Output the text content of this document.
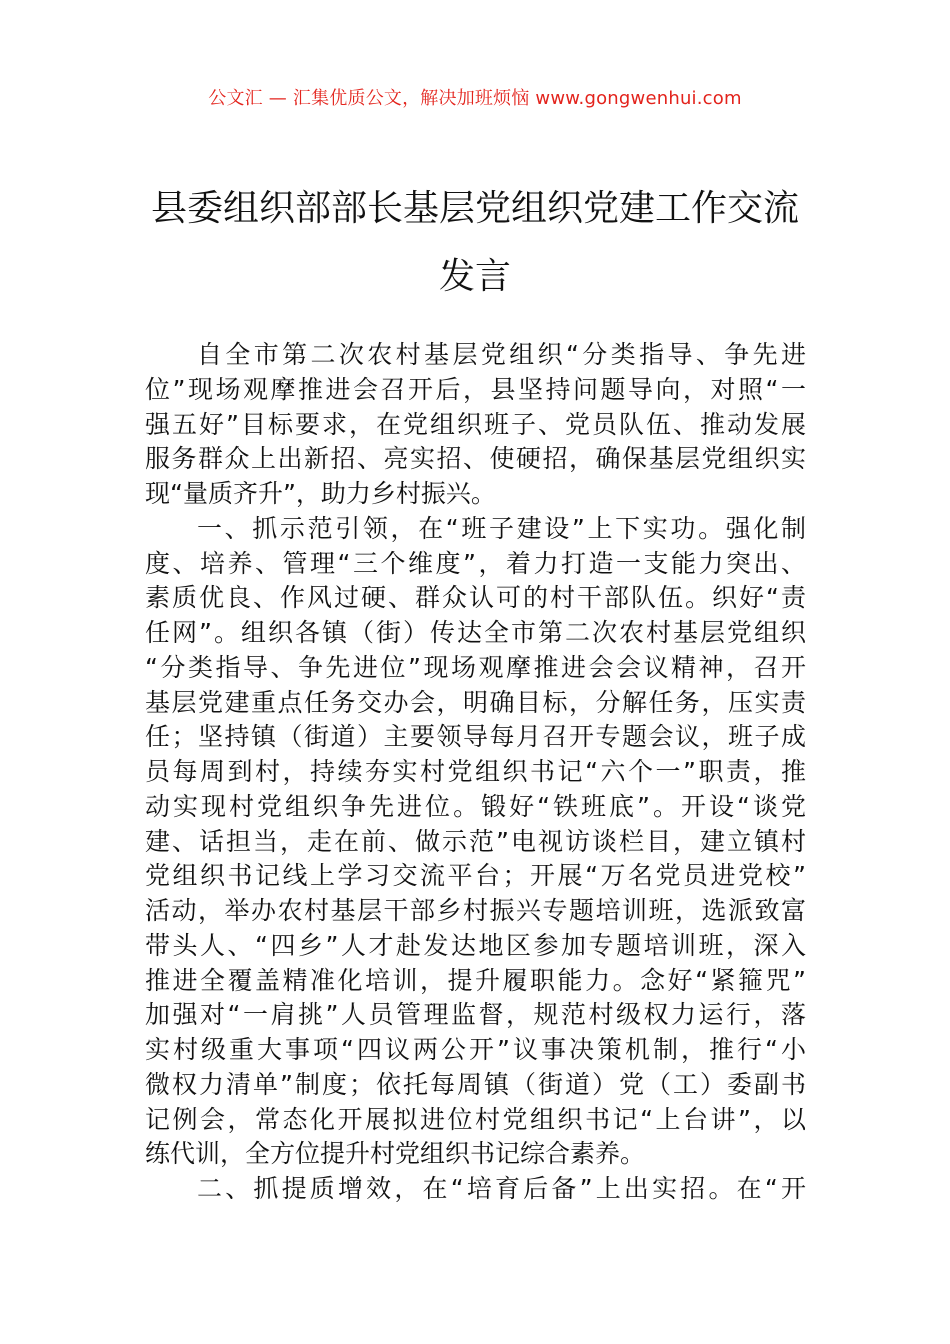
公文汇 — 汇集优质公文，解决加班烦恼 www.gongwenhui.com
县委组织部部长基层党组织党建工作交流
发言
自全市第二次农村基层党组织“分类指导、争先进
位”现场观摩推进会召开后，县坚持问题导向，对照“一
强五好”目标要求，在党组织班子、党员队伍、推动发展
服务群众上出新招、亮实招、使硬招，确保基层党组织实
现“量质齐升”，助力乡村振兴。
一、抓示范引领，在“班子建设”上下实功。强化制
度、培养、管理“三个维度”，着力打造一支能力突出、
素质优良、作风过硬、群众认可的村干部队伍。织好“责
任网”。组织各镇（街）传达全市第二次农村基层党组织
“分类指导、争先进位”现场观摩推进会会议精神，召开
基层党建重点任务交办会，明确目标，分解任务，压实责
任；坚持镇（街道）主要领导每月召开专题会议，班子成
员每周到村，持续夯实村党组织书记“六个一”职责，推
动实现村党组织争先进位。锻好“铁班底”。开设“谈党
建、话担当，走在前、做示范”电视访谈栏目，建立镇村
党组织书记线上学习交流平台；开展“万名党员进党校”
活动，举办农村基层干部乡村振兴专题培训班，选派致富
带头人、“四乡”人才赴发达地区参加专题培训班，深入
推进全覆盖精准化培训，提升履职能力。念好“紧箍咒”
加强对“一肩挑”人员管理监督，规范村级权力运行，落
实村级重大事项“四议两公开”议事决策机制，推行“小
微权力清单”制度；依托每周镇（街道）党（工）委副书
记例会，常态化开展拟进位村党组织书记“上台讲”，以
练代训，全方位提升村党组织书记综合素养。
二、抓提质增效，在“培育后备”上出实招。在“开
